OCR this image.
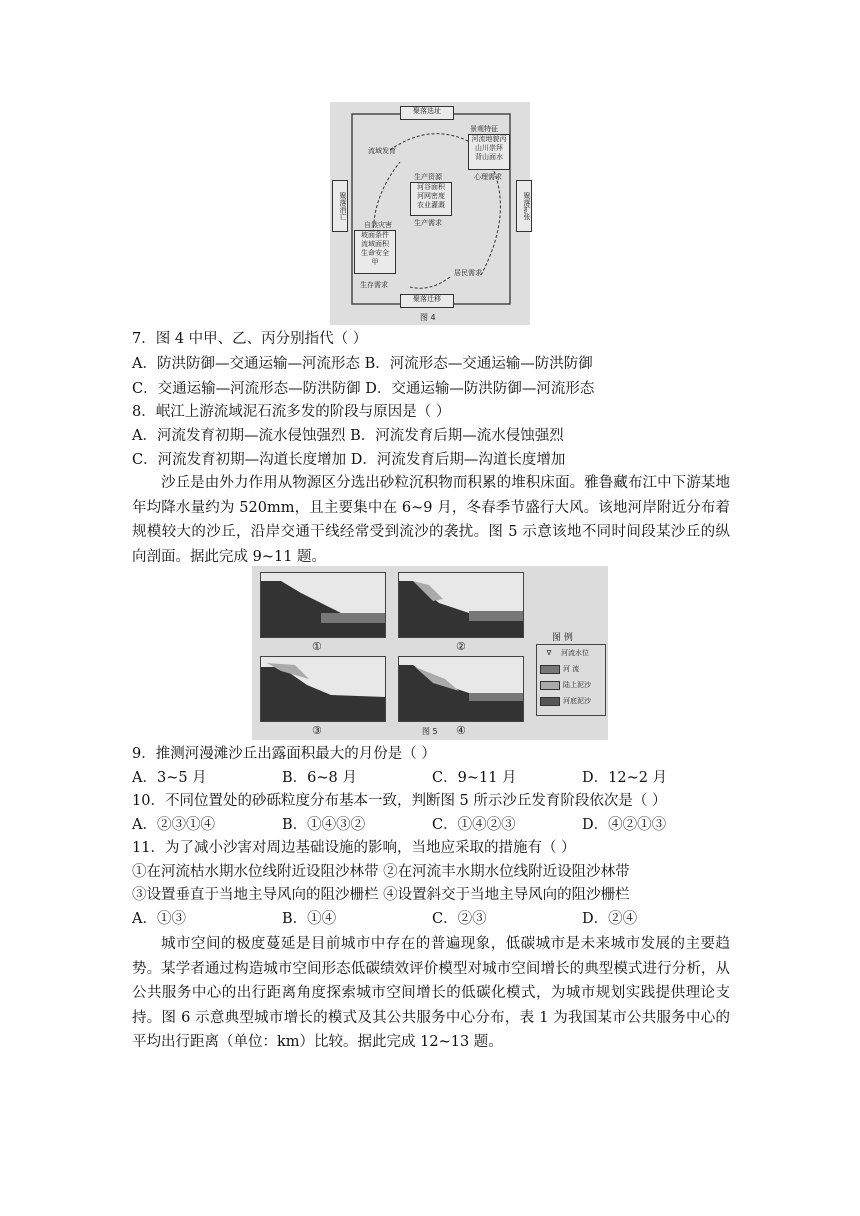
聚落选址
聚落迁移
聚落消亡	聚落扩张
景观特征
河流地貌丙
山川崇拜
背山面水
心理需求
流域发育
生产资源
河谷面积
河网密度
农业灌溉
生产需求
自然灾害
坡面条件
流域面积
生命安全
甲
生存需求
居民需求
图 4
7．图 4 中甲、乙、丙分别指代（ ）
A．防洪防御—交通运输—河流形态 B．河流形态—交通运输—防洪防御
C．交通运输—河流形态—防洪防御 D．交通运输—防洪防御—河流形态
8．岷江上游流域泥石流多发的阶段与原因是（ ）
A．河流发育初期—流水侵蚀强烈 B．河流发育后期—流水侵蚀强烈
C．河流发育初期—沟道长度增加 D．河流发育后期—沟道长度增加
沙丘是由外力作用从物源区分选出砂粒沉积物而积累的堆积床面。雅鲁藏布江中下游某地年均降水量约为 520mm，且主要集中在 6~9 月，冬春季节盛行大风。该地河岸附近分布着规模较大的沙丘，沿岸交通干线经常受到流沙的袭扰。图 5 示意该地不同时间段某沙丘的纵向剖面。据此完成 9~11 题。
①	②
③	④
图 例
∇ 河流水位
河 流
陆上泥沙
河底泥沙
图 5
9．推测河漫滩沙丘出露面积最大的月份是（ ）
A．3~5 月	B．6~8 月	C．9~11 月	D．12~2 月
10．不同位置处的砂砾粒度分布基本一致，判断图 5 所示沙丘发育阶段依次是（ ）
A．②③①④	B．①④③②	C．①④②③	D．④②①③
11．为了减小沙害对周边基础设施的影响，当地应采取的措施有（ ）
①在河流枯水期水位线附近设阻沙林带 ②在河流丰水期水位线附近设阻沙林带
③设置垂直于当地主导风向的阻沙栅栏 ④设置斜交于当地主导风向的阻沙栅栏
A．①③	B．①④	C．②③	D．②④
城市空间的极度蔓延是目前城市中存在的普遍现象，低碳城市是未来城市发展的主要趋势。某学者通过构造城市空间形态低碳绩效评价模型对城市空间增长的典型模式进行分析，从公共服务中心的出行距离角度探索城市空间增长的低碳化模式，为城市规划实践提供理论支持。图 6 示意典型城市增长的模式及其公共服务中心分布，表 1 为我国某市公共服务中心的平均出行距离（单位：km）比较。据此完成 12~13 题。
